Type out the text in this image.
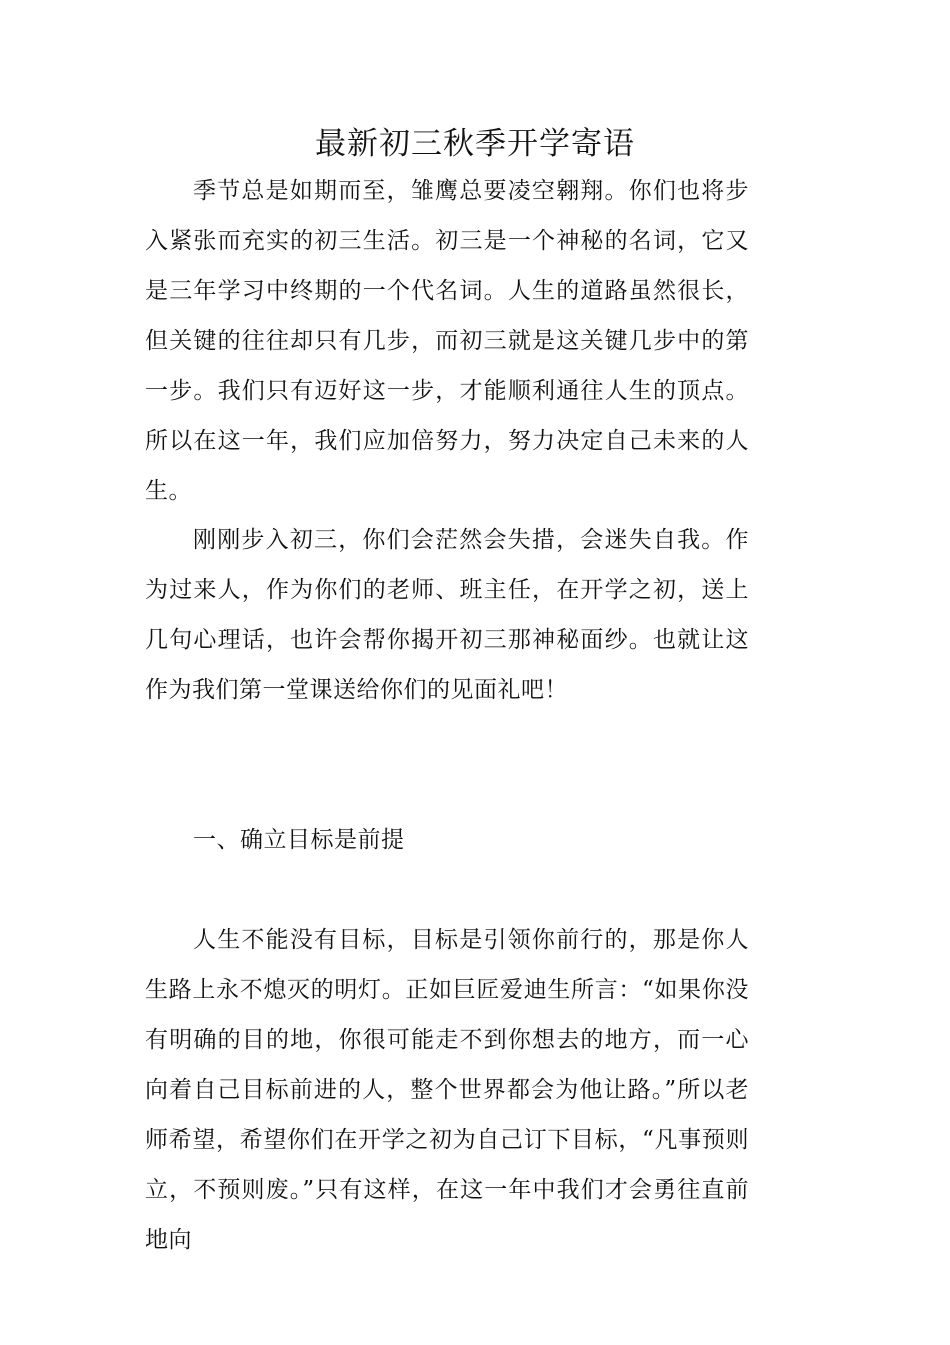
最新初三秋季开学寄语

季节总是如期而至，雏鹰总要凌空翱翔。你们也将步入紧张而充实的初三生活。初三是一个神秘的名词，它又是三年学习中终期的一个代名词。人生的道路虽然很长，但关键的往往却只有几步，而初三就是这关键几步中的第一步。我们只有迈好这一步，才能顺利通往人生的顶点。所以在这一年，我们应加倍努力，努力决定自己未来的人生。

刚刚步入初三，你们会茫然会失措，会迷失自我。作为过来人，作为你们的老师、班主任，在开学之初，送上几句心理话，也许会帮你揭开初三那神秘面纱。也就让这作为我们第一堂课送给你们的见面礼吧！

一、确立目标是前提

人生不能没有目标，目标是引领你前行的，那是你人生路上永不熄灭的明灯。正如巨匠爱迪生所言：“如果你没有明确的目的地，你很可能走不到你想去的地方，而一心向着自己目标前进的人，整个世界都会为他让路。”所以老师希望，希望你们在开学之初为自己订下目标，“凡事预则立，不预则废。”只有这样，在这一年中我们才会勇往直前地向
